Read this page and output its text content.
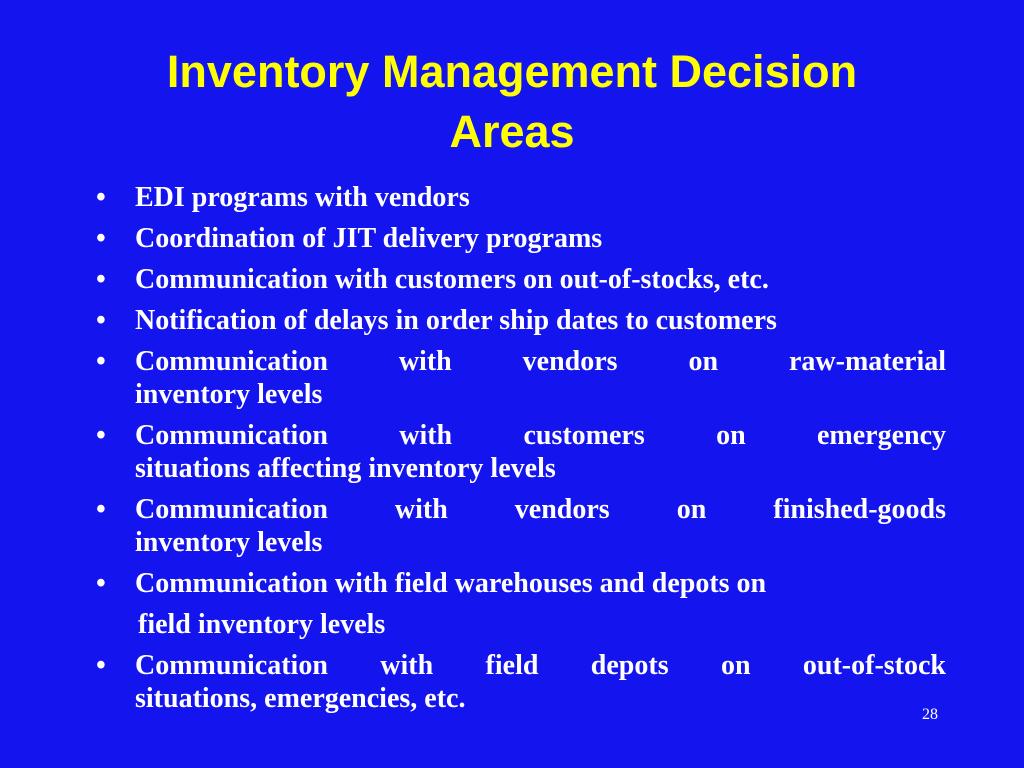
Inventory Management Decision
Areas
•	EDI programs with vendors
•	Coordination of JIT delivery programs
•	Communication with customers on out-of-stocks, etc.
•	Notification of delays in order ship dates to customers
•	Communication with vendors on raw-material
inventory levels
•	Communication with customers on emergency
situations affecting inventory levels
•	Communication with vendors on finished-goods
inventory levels
•	Communication with field warehouses and depots on
field inventory levels
•	Communication with field depots on out-of-stock
situations, emergencies, etc.
28
